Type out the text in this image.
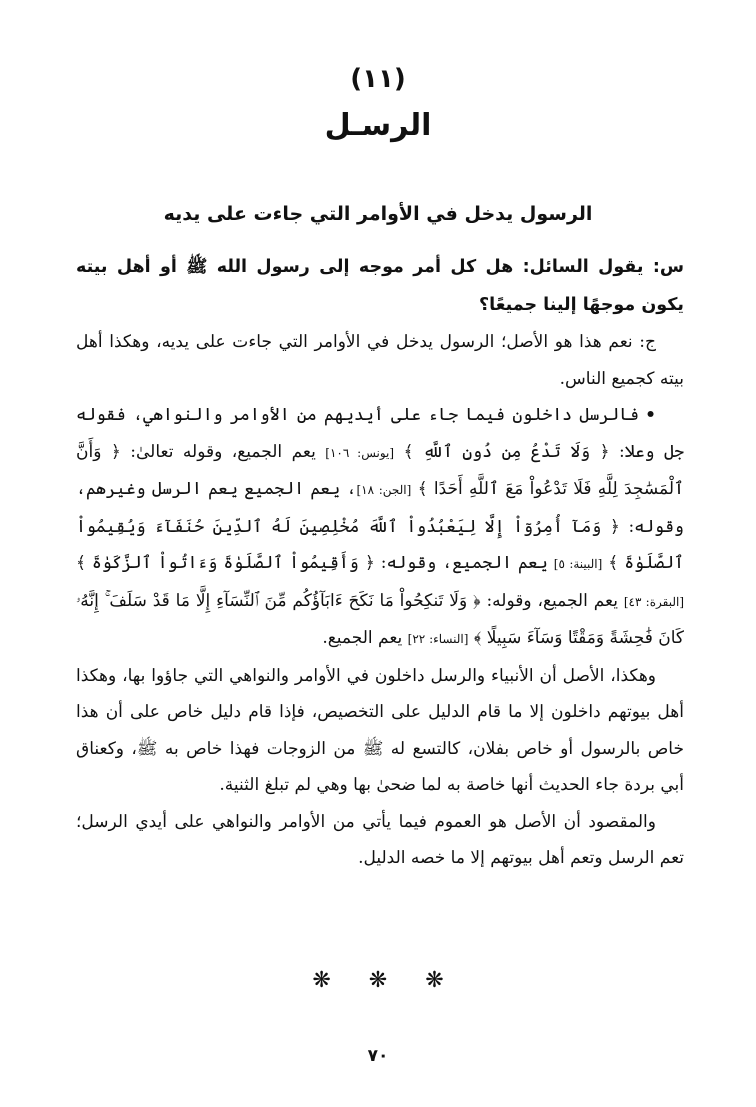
(١١)
الرسـل
الرسول يدخل في الأوامر التي جاءت على يديه

س: يقول السائل: هل كل أمر موجه إلى رسول الله ﷺ أو أهل بيته يكون موجهًا إلينا جميعًا؟

ج: نعم هذا هو الأصل؛ الرسول يدخل في الأوامر التي جاءت على يديه، وهكذا أهل بيته كجميع الناس.

•فالرسل داخلون فيما جاء على أيديهم من الأوامر والنواهي، فقوله جل وعلا: ﴿ وَلَا تَدْعُ مِن دُونِ ٱللَّهِ ﴾ [يونس: ١٠٦] يعم الجميع، وقوله تعالىٰ: ﴿ وَأَنَّ ٱلْمَسَٰجِدَ لِلَّهِ فَلَا تَدْعُواْ مَعَ ٱللَّهِ أَحَدًا ﴾ [الجن: ١٨]، يعم الجميع يعم الرسل وغيرهم، وقوله: ﴿ وَمَآ أُمِرُوٓاْ إِلَّا لِيَعْبُدُواْ ٱللَّهَ مُخْلِصِينَ لَهُ ٱلدِّينَ حُنَفَآءَ وَيُقِيمُواْ ٱلصَّلَوٰةَ ﴾ [البينة: ٥] يعم الجميع، وقوله: ﴿ وَأَقِيمُواْ ٱلصَّلَوٰةَ وَءَاتُواْ ٱلزَّكَوٰةَ ﴾ [البقرة: ٤٣] يعم الجميع، وقوله: ﴿ وَلَا تَنكِحُواْ مَا نَكَحَ ءَابَآؤُكُم مِّنَ ٱلنِّسَآءِ إِلَّا مَا قَدْ سَلَفَ ۚ إِنَّهُۥ كَانَ فَٰحِشَةً وَمَقْتًا وَسَآءَ سَبِيلًا ﴾ [النساء: ٢٢] يعم الجميع.

وهكذا، الأصل أن الأنبياء والرسل داخلون في الأوامر والنواهي التي جاؤوا بها، وهكذا أهل بيوتهم داخلون إلا ما قام الدليل على التخصيص، فإذا قام دليل خاص على أن هذا خاص بالرسول أو خاص بفلان، كالتسع له ﷺ من الزوجات فهذا خاص به ﷺ، وكعناق أبي بردة جاء الحديث أنها خاصة به لما ضحىٰ بها وهي لم تبلغ الثنية.

والمقصود أن الأصل هو العموم فيما يأتي من الأوامر والنواهي على أيدي الرسل؛ تعم الرسل وتعم أهل بيوتهم إلا ما خصه الدليل.

❋❋❋
٧٠
